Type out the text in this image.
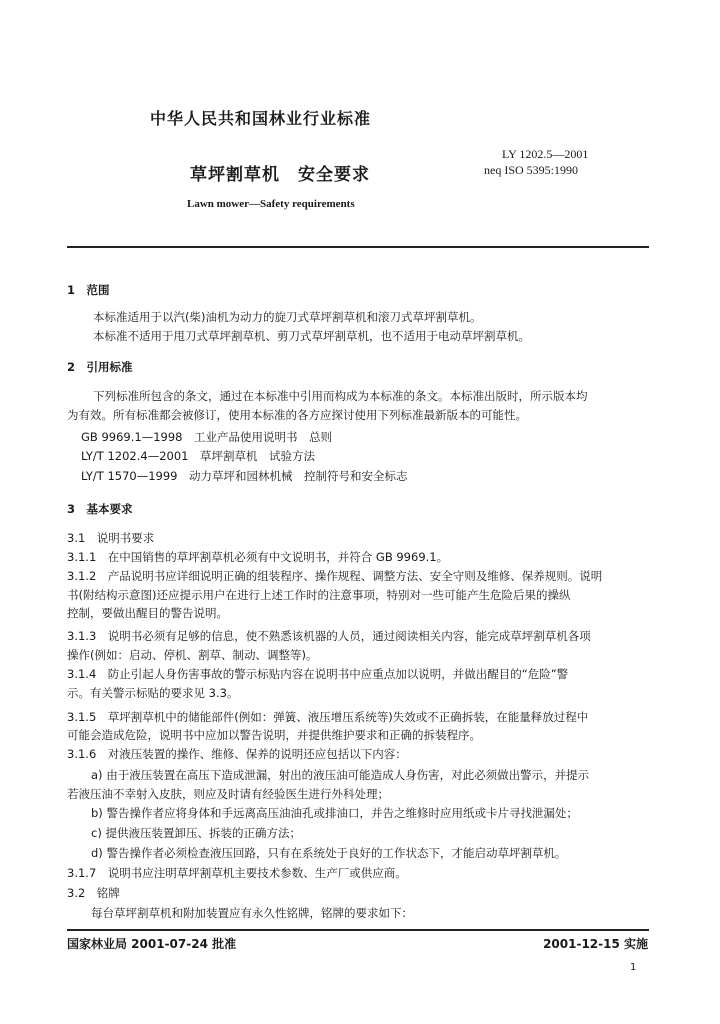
中华人民共和国林业行业标准
草坪割草机　安全要求
LY 1202.5—2001
neq ISO 5395:1990
Lawn mower—Safety requirements
1　范围
本标准适用于以汽(柴)油机为动力的旋刀式草坪割草机和滚刀式草坪割草机。
本标准不适用于甩刀式草坪割草机、剪刀式草坪割草机，也不适用于电动草坪割草机。
2　引用标准
下列标准所包含的条文，通过在本标准中引用而构成为本标准的条文。本标准出版时，所示版本均
为有效。所有标准都会被修订，使用本标准的各方应探讨使用下列标准最新版本的可能性。
GB 9969.1—1998　工业产品使用说明书　总则
LY/T 1202.4—2001　草坪割草机　试验方法
LY/T 1570—1999　动力草坪和园林机械　控制符号和安全标志
3　基本要求
3.1　说明书要求
3.1.1　在中国销售的草坪割草机必须有中文说明书，并符合 GB 9969.1。
3.1.2　产品说明书应详细说明正确的组装程序、操作规程、调整方法、安全守则及维修、保养规则。说明
书(附结构示意图)还应提示用户在进行上述工作时的注意事项，特别对一些可能产生危险后果的操纵
控制，要做出醒目的警告说明。
3.1.3　说明书必须有足够的信息，使不熟悉该机器的人员，通过阅读相关内容，能完成草坪割草机各项
操作(例如：启动、停机、割草、制动、调整等)。
3.1.4　防止引起人身伤害事故的警示标贴内容在说明书中应重点加以说明，并做出醒目的“危险”警
示。有关警示标贴的要求见 3.3。
3.1.5　草坪割草机中的储能部件(例如：弹簧、液压增压系统等)失效或不正确拆装，在能量释放过程中
可能会造成危险，说明书中应加以警告说明，并提供维护要求和正确的拆装程序。
3.1.6　对液压装置的操作、维修、保养的说明还应包括以下内容：
a) 由于液压装置在高压下造成泄漏，射出的液压油可能造成人身伤害，对此必须做出警示，并提示
若液压油不幸射入皮肤，则应及时请有经验医生进行外科处理；
b) 警告操作者应将身体和手远离高压油油孔或排油口，并告之维修时应用纸或卡片寻找泄漏处；
c) 提供液压装置卸压、拆装的正确方法；
d) 警告操作者必须检查液压回路，只有在系统处于良好的工作状态下，才能启动草坪割草机。
3.1.7　说明书应注明草坪割草机主要技术参数、生产厂或供应商。
3.2　铭牌
每台草坪割草机和附加装置应有永久性铭牌，铭牌的要求如下：
国家林业局 2001-07-24 批准	2001-12-15 实施
1
